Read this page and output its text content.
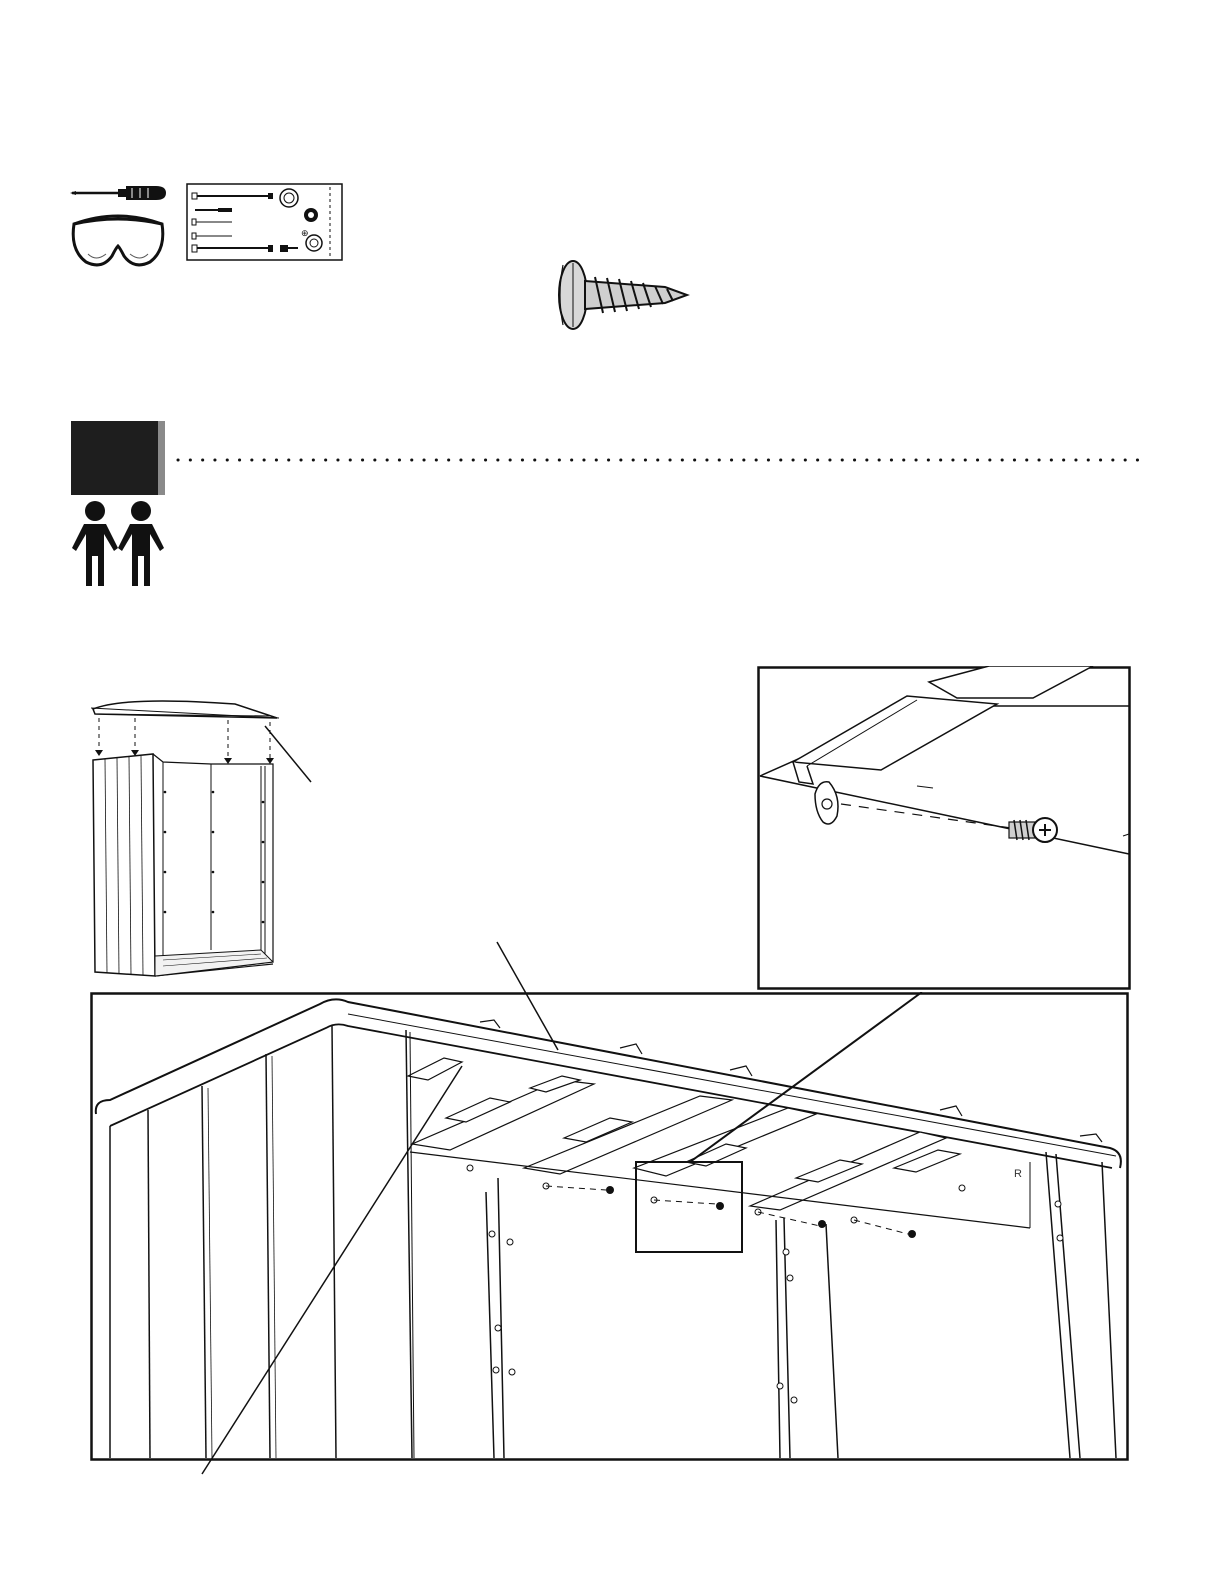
⊕
R
